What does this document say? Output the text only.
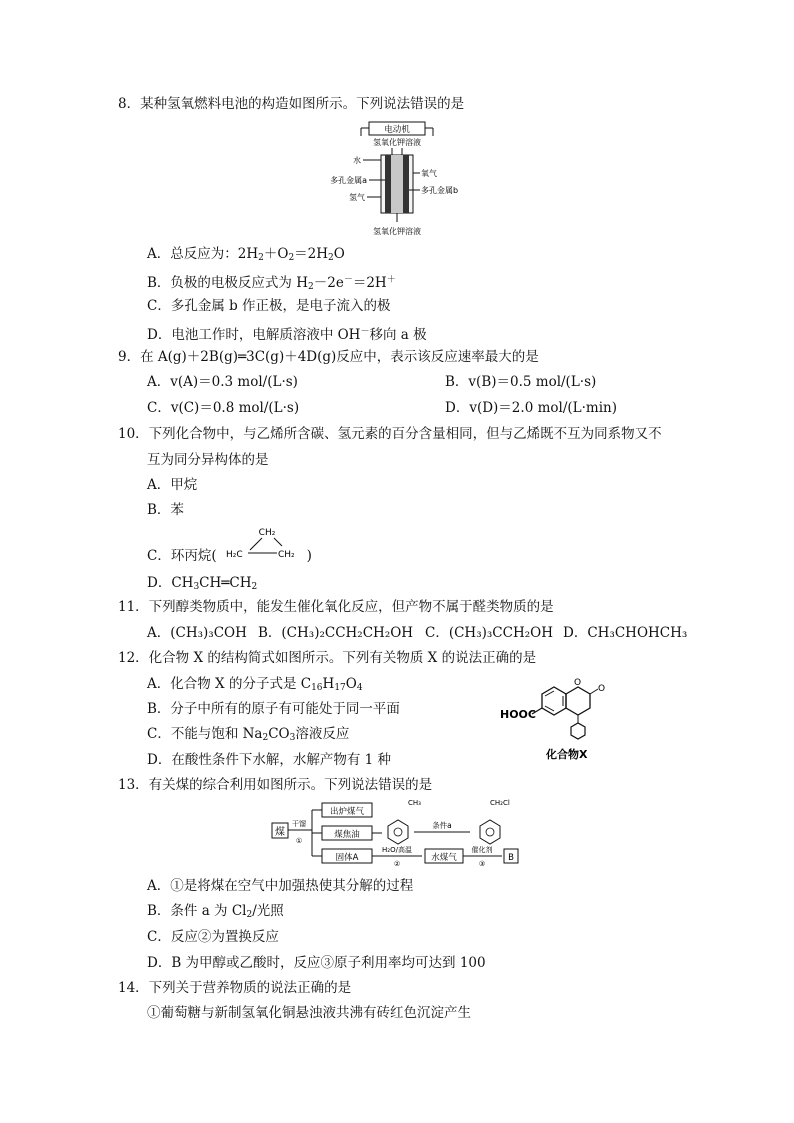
8．某种氢氧燃料电池的构造如图所示。下列说法错误的是
电动机
氢氧化钾溶液
氢氧化钾溶液
水
多孔金属a
氢气
氧气
多孔金属b
A．总反应为：$2H_2+O_2=2H_2O$
B．负极的电极反应式为 $H_2-2e^-=2H^+$
C．多孔金属 b 作正极，是电子流入的极
D．电池工作时，电解质溶液中 OH－移向 a 极
9．在 A(g)＋2B(g)═3C(g)＋4D(g)反应中，表示该反应速率最大的是
A．v(A)＝0.3 mol/(L·s)	B．v(B)＝0.5 mol/(L·s)
C．v(C)＝0.8 mol/(L·s)	D．v(D)＝2.0 mol/(L·min)
10．下列化合物中，与乙烯所含碳、氢元素的百分含量相同，但与乙烯既不互为同系物又不
互为同分异构体的是
A．甲烷
B．苯
C．环丙烷(	)
CH₂
H₂C	CH₂
D．$CH_3CH═CH_2$
11．下列醇类物质中，能发生催化氧化反应，但产物不属于醛类物质的是
A．(CH₃)₃COH B．(CH₃)₂CCH₂CH₂OH C．(CH₃)₃CCH₂OH D．CH₃CHOHCH₃
12．化合物 X 的结构简式如图所示。下列有关物质 X 的说法正确的是
A．化合物 X 的分子式是 $C_{16}H_{17}O_4$
B．分子中所有的原子有可能处于同一平面
C．不能与饱和 $Na_2CO_3$溶液反应
D．在酸性条件下水解，水解产物有 1 种
HOOC
O
O
化合物X
13．有关煤的综合利用如图所示。下列说法错误的是
煤
干馏
①
出炉煤气
煤焦油
固体A
CH₃
条件a
CH₂Cl
H₂O/高温
②
水煤气
催化剂
③
B
A．①是将煤在空气中加强热使其分解的过程
B．条件 a 为 $Cl_2/$光照
C．反应②为置换反应
D．B 为甲醇或乙酸时，反应③原子利用率均可达到 100
14．下列关于营养物质的说法正确的是
①葡萄糖与新制氢氧化铜悬浊液共沸有砖红色沉淀产生
